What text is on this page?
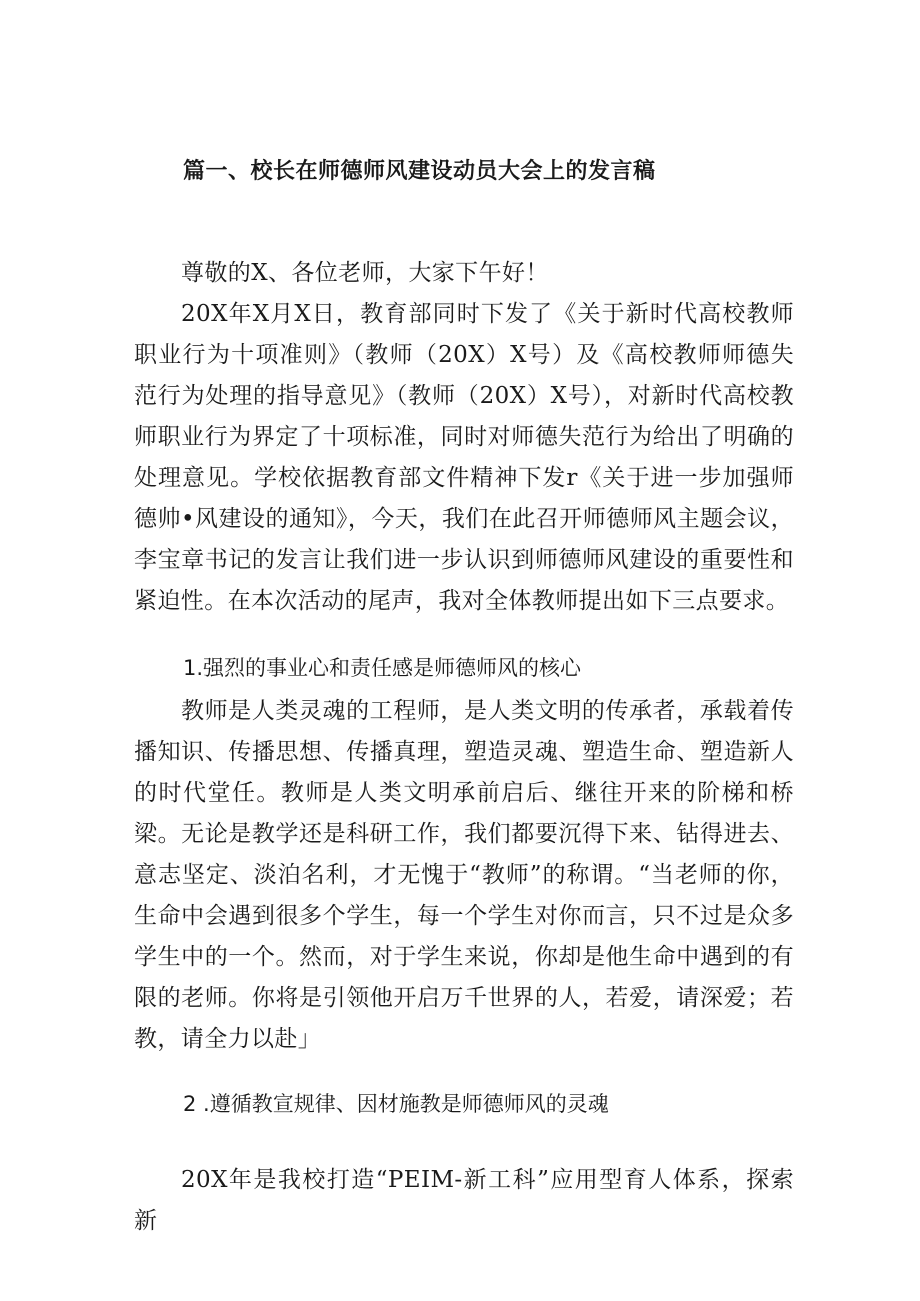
篇一、校长在师德师风建设动员大会上的发言稿

尊敬的X、各位老师，大家下午好！

20X年X月X日，教育部同时下发了《关于新时代高校教师职业行为十项准则》（教师（20X）X号）及《高校教师师德失范行为处理的指导意见》（教师（20X）X号），对新时代高校教师职业行为界定了十项标准，同时对师德失范行为给出了明确的处理意见。学校依据教育部文件精神下发r《关于进一步加强师德帅•风建设的通知》，今天，我们在此召开师德师风主题会议，李宝章书记的发言让我们进一步认识到师德师风建设的重要性和紧迫性。在本次活动的尾声，我对全体教师提出如下三点要求。

1.强烈的事业心和责任感是师德师风的核心

教师是人类灵魂的工程师，是人类文明的传承者，承载着传播知识、传播思想、传播真理，塑造灵魂、塑造生命、塑造新人的时代堂任。教师是人类文明承前启后、继往开来的阶梯和桥梁。无论是教学还是科研工作，我们都要沉得下来、钻得进去、意志坚定、淡泊名利，才无愧于“教师”的称谓。“当老师的你，生命中会遇到很多个学生，每一个学生对你而言，只不过是众多学生中的一个。然而，对于学生来说，你却是他生命中遇到的有限的老师。你将是引领他开启万千世界的人，若爱，请深爱；若教，请全力以赴」

2 .遵循教宣规律、因材施教是师德师风的灵魂

20X年是我校打造“PEIM-新工科”应用型育人体系，探索新
